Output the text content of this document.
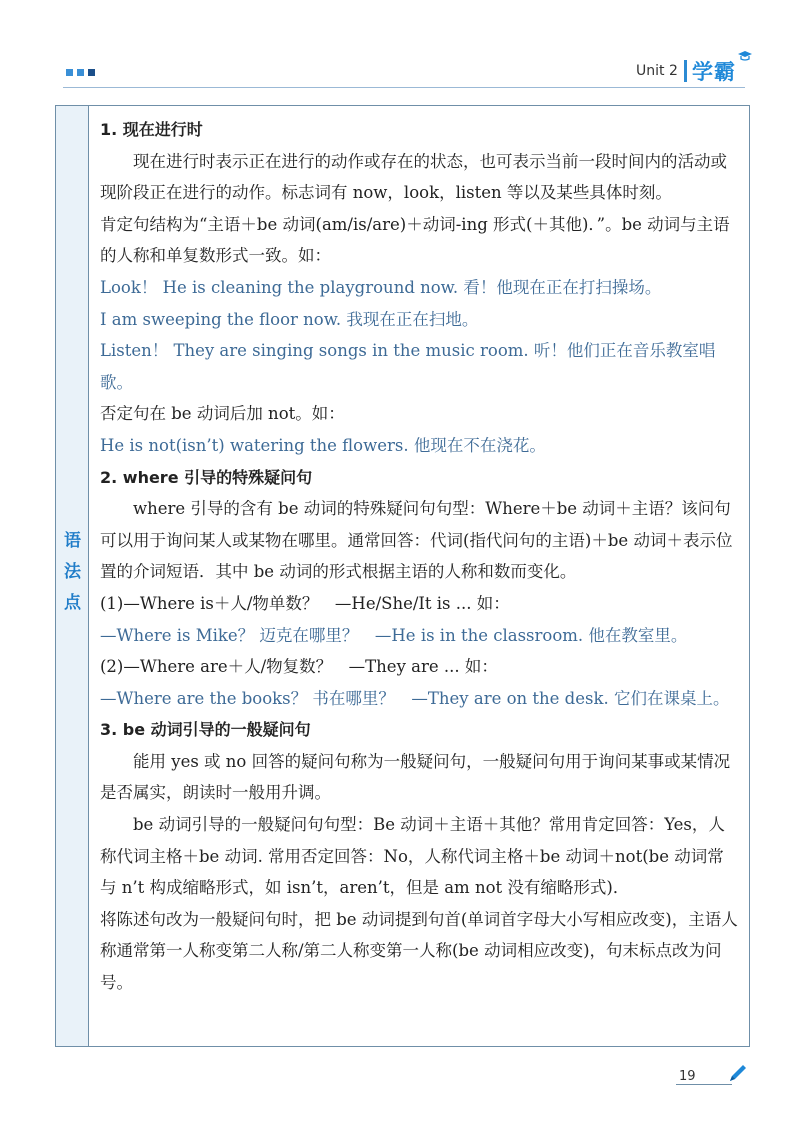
Unit 2 学霸
语法点

1. 现在进行时

现在进行时表示正在进行的动作或存在的状态，也可表示当前一段时间内的活动或现阶段正在进行的动作。标志词有 now，look，listen 等以及某些具体时刻。

肯定句结构为“主语＋be 动词(am/is/are)＋动词-ing 形式(＋其他)．”。be 动词与主语的人称和单复数形式一致。如：

Look！ He is cleaning the playground now. 看！他现在正在打扫操场。

I am sweeping the floor now. 我现在正在扫地。

Listen！ They are singing songs in the music room. 听！他们正在音乐教室唱歌。

否定句在 be 动词后加 not。如：

He is not(isn’t) watering the flowers. 他现在不在浇花。

2. where 引导的特殊疑问句

where 引导的含有 be 动词的特殊疑问句句型：Where＋be 动词＋主语？该问句可以用于询问某人或某物在哪里。通常回答：代词(指代问句的主语)＋be 动词＋表示位置的介词短语．其中 be 动词的形式根据主语的人称和数而变化。

(1)—Where is＋人/物单数？　—He/She/It is ... 如：

—Where is Mike？ 迈克在哪里？　—He is in the classroom. 他在教室里。

(2)—Where are＋人/物复数？　—They are ... 如：

—Where are the books？ 书在哪里？　—They are on the desk. 它们在课桌上。

3. be 动词引导的一般疑问句

能用 yes 或 no 回答的疑问句称为一般疑问句，一般疑问句用于询问某事或某情况是否属实，朗读时一般用升调。

be 动词引导的一般疑问句句型：Be 动词＋主语＋其他？常用肯定回答：Yes，人称代词主格＋be 动词. 常用否定回答：No，人称代词主格＋be 动词＋not(be 动词常与 n’t 构成缩略形式，如 isn’t，aren’t，但是 am not 没有缩略形式)．

将陈述句改为一般疑问句时，把 be 动词提到句首(单词首字母大小写相应改变)，主语人称通常第一人称变第二人称/第二人称变第一人称(be 动词相应改变)，句末标点改为问号。

19
